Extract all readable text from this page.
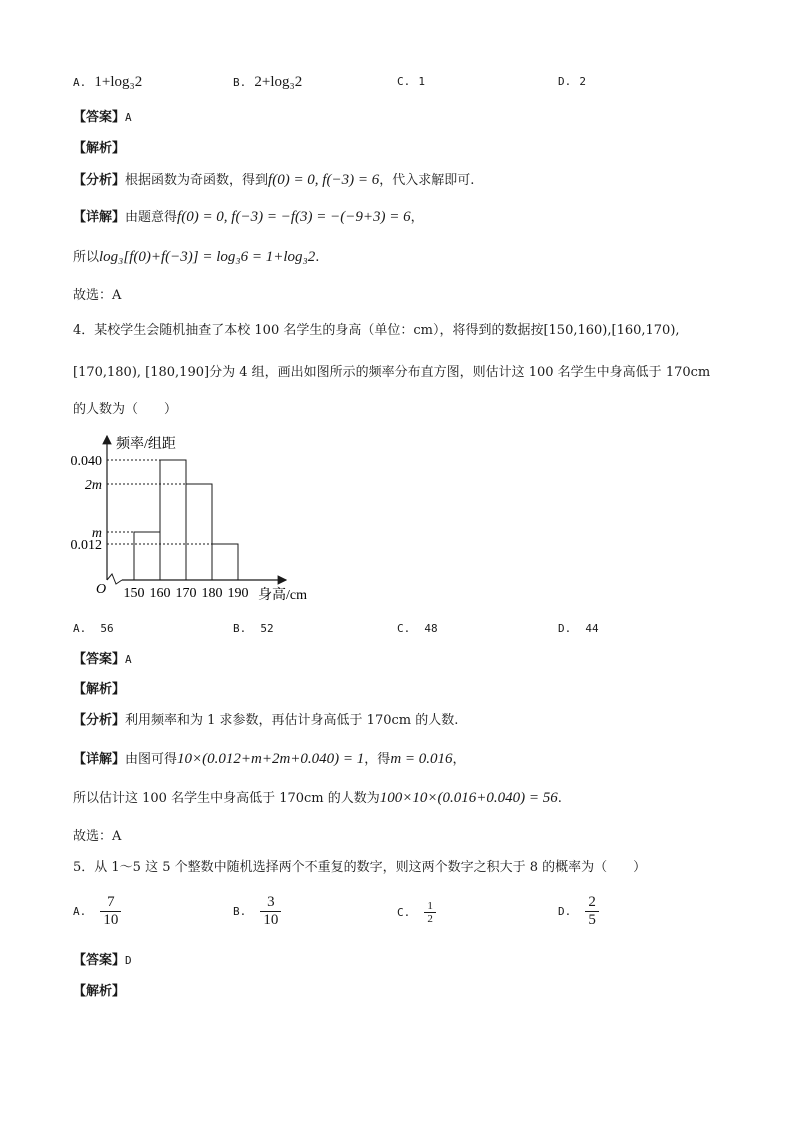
A. 1+log₃2	B. 2+log₃2	C. 1	D. 2
【答案】A
【解析】
【分析】根据函数为奇函数，得到f(0) = 0, f(−3) = 6，代入求解即可.
【详解】由题意得f(0) = 0, f(−3) = −f(3) = −(−9+3) = 6，
所以log₃[f(0)+f(−3)] = log₃6 = 1+log₃2.
故选：A
4．某校学生会随机抽查了本校 100 名学生的身高（单位：cm），将得到的数据按[150,160),[160,170),
[170,180), [180,190]分为 4 组，画出如图所示的频率分布直方图，则估计这 100 名学生中身高低于 170cm
的人数为（　　）
频率/组距
身高/cm
O
0.040
2m
m
0.012
150 160 170 180 190
A. 56	B. 52	C. 48	D. 44
【答案】A
【解析】
【分析】利用频率和为 1 求参数，再估计身高低于 170cm 的人数.
【详解】由图可得10×(0.012+m+2m+0.040) = 1，得m = 0.016，
所以估计这 100 名学生中身高低于 170cm 的人数为100×10×(0.016+0.040) = 56.
故选：A
5．从 1～5 这 5 个整数中随机选择两个不重复的数字，则这两个数字之积大于 8 的概率为（　　）
A. $\frac{7}{10}$	B. $\frac{3}{10}$	C. $\frac{1}{2}$	D. $\frac{2}{5}$
【答案】D
【解析】
